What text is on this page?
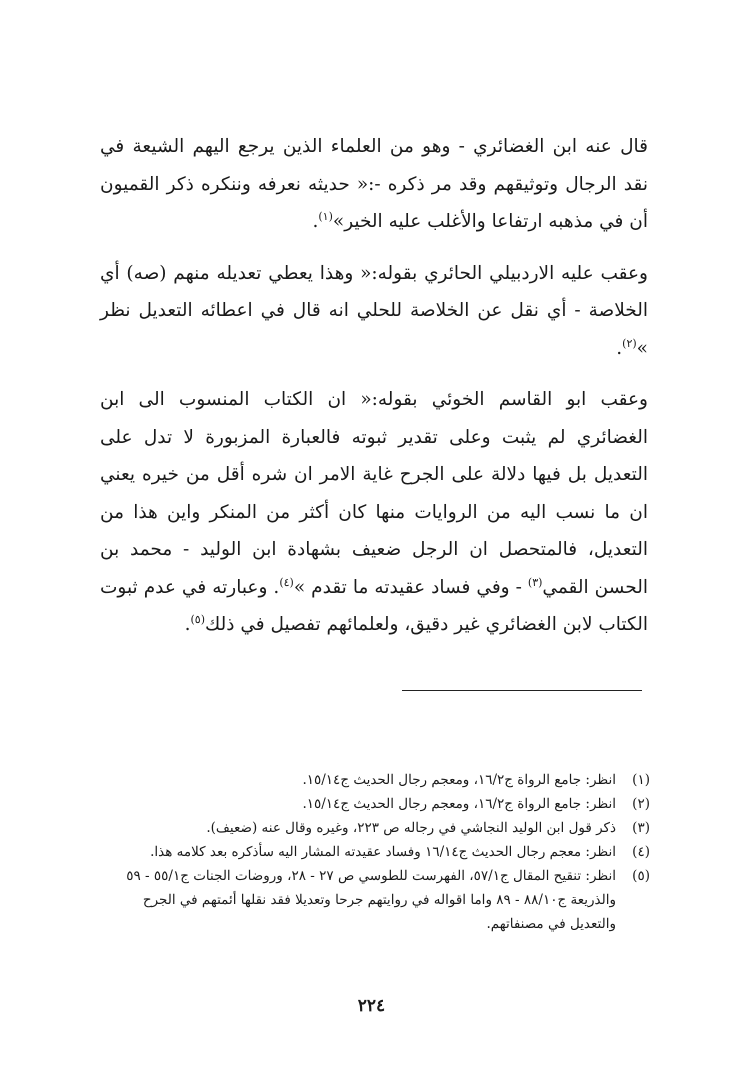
قال عنه ابن الغضائري - وهو من العلماء الذين يرجع اليهم الشيعة في نقد الرجال وتوثيقهم وقد مر ذكره -:« حديثه نعرفه وننكره ذكر القميون أن في مذهبه ارتفاعا والأغلب عليه الخير»$^{(١)}$.

وعقب عليه الاردبيلي الحائري بقوله:« وهذا يعطي تعديله منهم (صه) أي الخلاصة - أي نقل عن الخلاصة للحلي انه قال في اعطائه التعديل نظر »$^{(٢)}$.

وعقب ابو القاسم الخوئي بقوله:« ان الكتاب المنسوب الى ابن الغضائري لم يثبت وعلى تقدير ثبوته فالعبارة المزبورة لا تدل على التعديل بل فيها دلالة على الجرح غاية الامر ان شره أقل من خيره يعني ان ما نسب اليه من الروايات منها كان أكثر من المنكر واين هذا من التعديل، فالمتحصل ان الرجل ضعيف بشهادة ابن الوليد - محمد بن الحسن القمي$^{(٣)}$ - وفي فساد عقيدته ما تقدم »$^{(٤)}$. وعبارته في عدم ثبوت الكتاب لابن الغضائري غير دقيق، ولعلمائهم تفصيل في ذلك$^{(٥)}$.

(١)
انظر: جامع الرواة ج١٦/٢، ومعجم رجال الحديث ج١٥/١٤.
(٢)
انظر: جامع الرواة ج١٦/٢، ومعجم رجال الحديث ج١٥/١٤.
(٣)
ذكر قول ابن الوليد النجاشي في رجاله ص ٢٢٣، وغيره وقال عنه (ضعيف).
(٤)
انظر: معجم رجال الحديث ج١٦/١٤ وفساد عقيدته المشار اليه سأذكره بعد كلامه هذا.
(٥)
انظر: تنقيح المقال ج٥٧/١، الفهرست للطوسي ص ٢٧ - ٢٨، وروضات الجنات ج٥٥/١ - ٥٩ والذريعة ج٨٨/١٠ - ٨٩ واما اقواله في روايتهم جرحا وتعديلا فقد نقلها أئمتهم في الجرح والتعديل في مصنفاتهم.
٢٢٤
